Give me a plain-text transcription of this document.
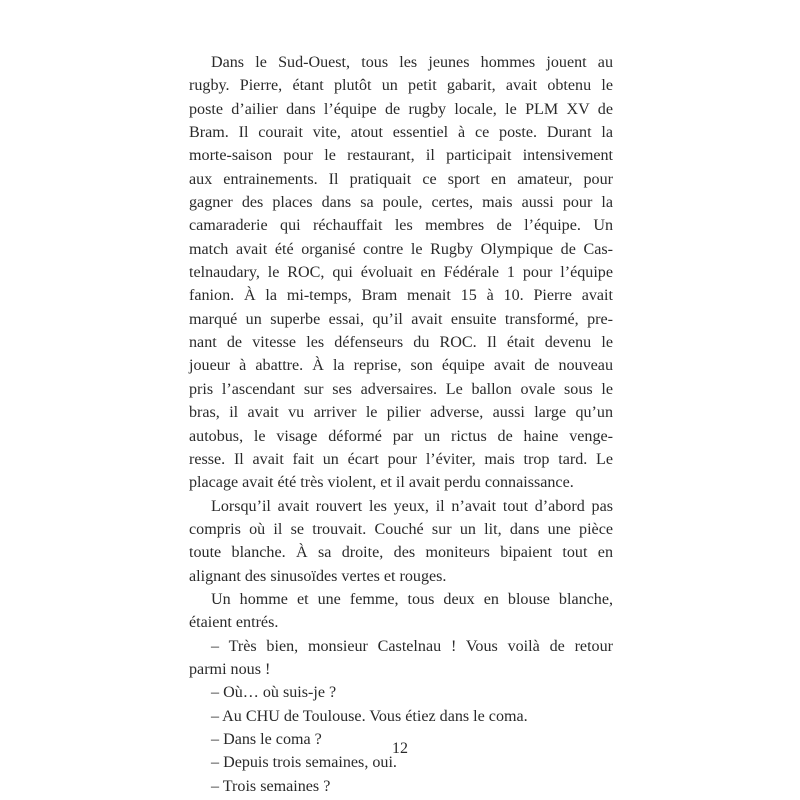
Dans le Sud-Ouest, tous les jeunes hommes jouent au
rugby. Pierre, étant plutôt un petit gabarit, avait obtenu le
poste d’ailier dans l’équipe de rugby locale, le PLM XV de
Bram. Il courait vite, atout essentiel à ce poste. Durant la
morte-saison pour le restaurant, il participait intensivement
aux entrainements. Il pratiquait ce sport en amateur, pour
gagner des places dans sa poule, certes, mais aussi pour la
camaraderie qui réchauffait les membres de l’équipe. Un
match avait été organisé contre le Rugby Olympique de Cas-
telnaudary, le ROC, qui évoluait en Fédérale 1 pour l’équipe
fanion. À la mi-temps, Bram menait 15 à 10. Pierre avait
marqué un superbe essai, qu’il avait ensuite transformé, pre-
nant de vitesse les défenseurs du ROC. Il était devenu le
joueur à abattre. À la reprise, son équipe avait de nouveau
pris l’ascendant sur ses adversaires. Le ballon ovale sous le
bras, il avait vu arriver le pilier adverse, aussi large qu’un
autobus, le visage déformé par un rictus de haine venge-
resse. Il avait fait un écart pour l’éviter, mais trop tard. Le
placage avait été très violent, et il avait perdu connaissance.
Lorsqu’il avait rouvert les yeux, il n’avait tout d’abord pas
compris où il se trouvait. Couché sur un lit, dans une pièce
toute blanche. À sa droite, des moniteurs bipaient tout en
alignant des sinusoïdes vertes et rouges.
Un homme et une femme, tous deux en blouse blanche,
étaient entrés.
– Très bien, monsieur Castelnau ! Vous voilà de retour
parmi nous !
– Où… où suis-je ?
– Au CHU de Toulouse. Vous étiez dans le coma.
– Dans le coma ?
– Depuis trois semaines, oui.
– Trois semaines ?
12
